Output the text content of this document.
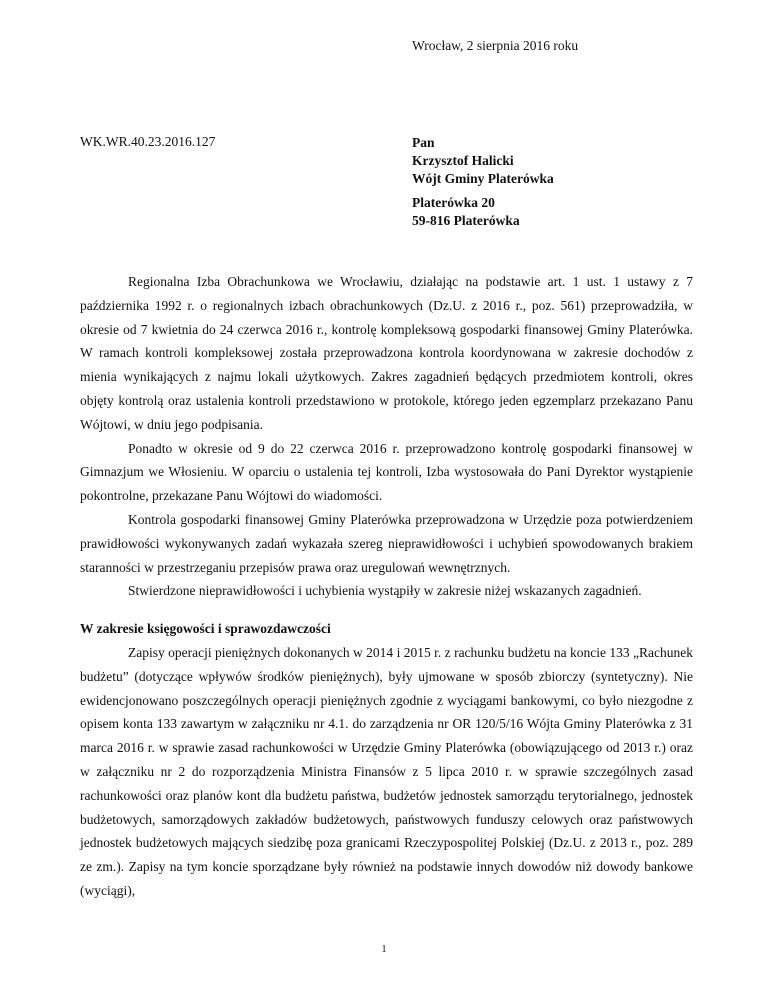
Wrocław, 2 sierpnia 2016 roku
WK.WR.40.23.2016.127	Pan
Krzysztof Halicki
Wójt Gminy Platerówka
Platerówka 20
59-816 Platerówka

Regionalna Izba Obrachunkowa we Wrocławiu, działając na podstawie art. 1 ust. 1 ustawy z 7 października 1992 r. o regionalnych izbach obrachunkowych (Dz.U. z 2016 r., poz. 561) przeprowadziła, w okresie od 7 kwietnia do 24 czerwca 2016 r., kontrolę kompleksową gospodarki finansowej Gminy Platerówka. W ramach kontroli kompleksowej została przeprowadzona kontrola koordynowana w zakresie dochodów z mienia wynikających z najmu lokali użytkowych. Zakres zagadnień będących przedmiotem kontroli, okres objęty kontrolą oraz ustalenia kontroli przedstawiono w protokole, którego jeden egzemplarz przekazano Panu Wójtowi, w dniu jego podpisania.

Ponadto w okresie od 9 do 22 czerwca 2016 r. przeprowadzono kontrolę gospodarki finansowej w Gimnazjum we Włosieniu. W oparciu o ustalenia tej kontroli, Izba wystosowała do Pani Dyrektor wystąpienie pokontrolne, przekazane Panu Wójtowi do wiadomości.

Kontrola gospodarki finansowej Gminy Platerówka przeprowadzona w Urzędzie poza potwierdzeniem prawidłowości wykonywanych zadań wykazała szereg nieprawidłowości i uchybień spowodowanych brakiem staranności w przestrzeganiu przepisów prawa oraz uregulowań wewnętrznych.

Stwierdzone nieprawidłowości i uchybienia wystąpiły w zakresie niżej wskazanych zagadnień.

W zakresie księgowości i sprawozdawczości

Zapisy operacji pieniężnych dokonanych w 2014 i 2015 r. z rachunku budżetu na koncie 133 „Rachunek budżetu” (dotyczące wpływów środków pieniężnych), były ujmowane w sposób zbiorczy (syntetyczny). Nie ewidencjonowano poszczególnych operacji pieniężnych zgodnie z wyciągami bankowymi, co było niezgodne z opisem konta 133 zawartym w załączniku nr 4.1. do zarządzenia nr OR 120/5/16 Wójta Gminy Platerówka z 31 marca 2016 r. w sprawie zasad rachunkowości w Urzędzie Gminy Platerówka (obowiązującego od 2013 r.) oraz w załączniku nr 2 do rozporządzenia Ministra Finansów z 5 lipca 2010 r. w sprawie szczególnych zasad rachunkowości oraz planów kont dla budżetu państwa, budżetów jednostek samorządu terytorialnego, jednostek budżetowych, samorządowych zakładów budżetowych, państwowych funduszy celowych oraz państwowych jednostek budżetowych mających siedzibę poza granicami Rzeczypospolitej Polskiej (Dz.U. z 2013 r., poz. 289 ze zm.). Zapisy na tym koncie sporządzane były również na podstawie innych dowodów niż dowody bankowe (wyciągi),

1
